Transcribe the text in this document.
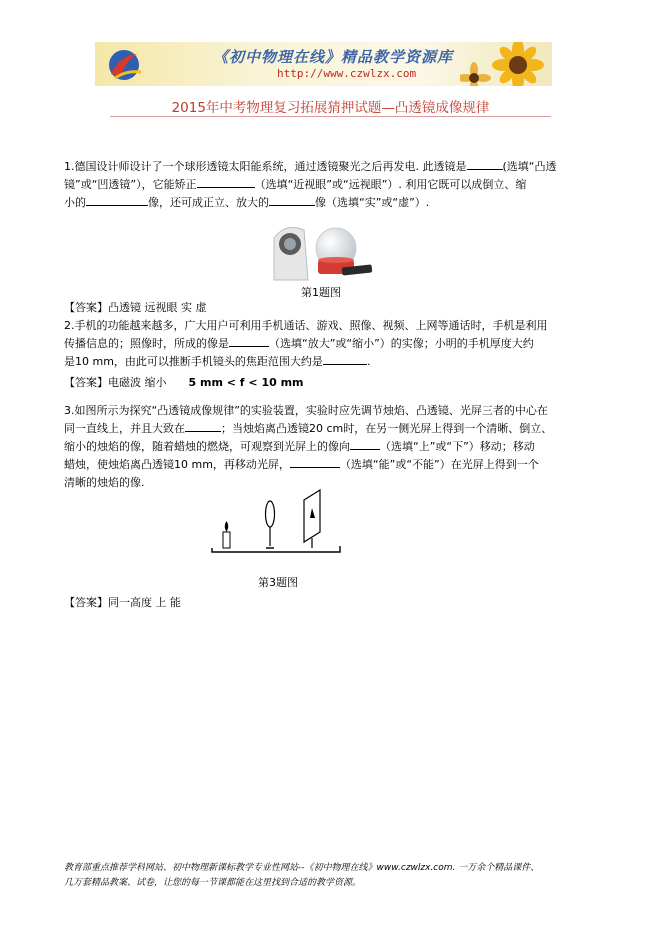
《初中物理在线》精品教学资源库
http://www.czwlzx.com
2015年中考物理复习拓展猜押试题—凸透镜成像规律
1.德国设计师设计了一个球形透镜太阳能系统，通过透镜聚光之后再发电. 此透镜是	(选填“凸透
镜”或“凹透镜”），它能矫正	（选填“近视眼”或“远视眼”）. 利用它既可以成倒立、缩
小的	像，还可成正立、放大的	像（选填“实”或“虚”）.
第1题图
【答案】凸透镜 远视眼 实 虚
2.手机的功能越来越多，广大用户可利用手机通话、游戏、照像、视频、上网等通话时，手机是利用
传播信息的；照像时，所成的像是	（选填“放大”或“缩小”）的实像；小明的手机厚度大约
是10 mm，由此可以推断手机镜头的焦距范围大约是	.
【答案】电磁波 缩小 5 mm < f < 10 mm
3.如图所示为探究“凸透镜成像规律”的实验装置，实验时应先调节烛焰、凸透镜、光屏三者的中心在
同一直线上，并且大致在	；当烛焰离凸透镜20 cm时，在另一侧光屏上得到一个清晰、倒立、
缩小的烛焰的像，随着蜡烛的燃烧，可观察到光屏上的像向	（选填“上”或“下”）移动；移动
蜡烛，使烛焰离凸透镜10 mm，再移动光屏，	（选填“能”或“不能”）在光屏上得到一个
清晰的烛焰的像.
第3题图
【答案】同一高度 上 能
教育部重点推荐学科网站、初中物理新课标教学专业性网站--《初中物理在线》www.czwlzx.com. 一万余个精品课件、
几万套精品教案、试卷，让您的每一节课都能在这里找到合适的教学资源。
